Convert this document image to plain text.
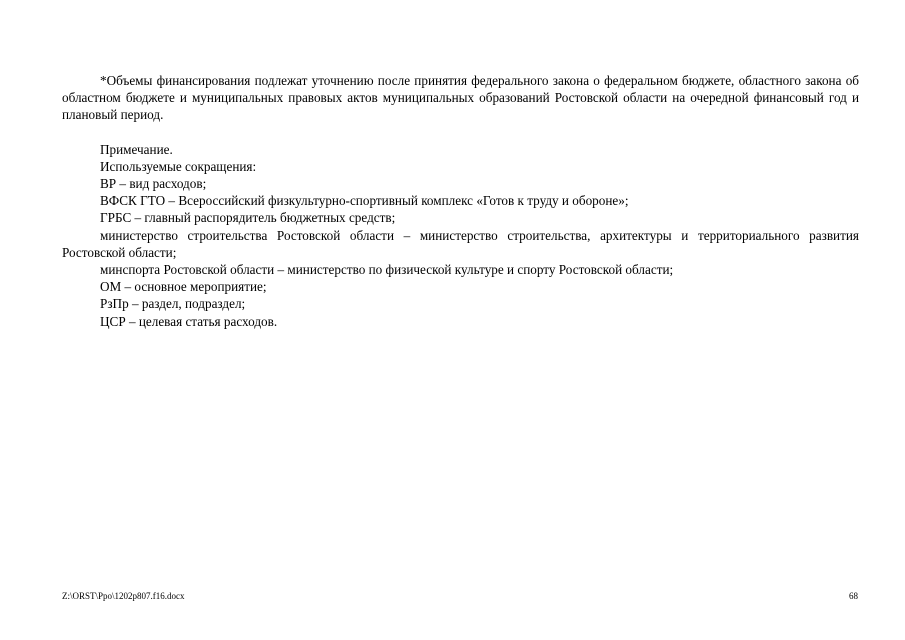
*Объемы финансирования подлежат уточнению после принятия федерального закона о федеральном бюджете, областного закона об областном бюджете и муниципальных правовых актов муниципальных образований Ростовской области на очередной финансовый год и плановый период.

Примечание.

Используемые сокращения:

ВР – вид расходов;

ВФСК ГТО – Всероссийский физкультурно-спортивный комплекс «Готов к труду и обороне»;

ГРБС – главный распорядитель бюджетных средств;

министерство строительства Ростовской области – министерство строительства, архитектуры и территориального развития Ростовской области;

минспорта Ростовской области – министерство по физической культуре и спорту Ростовской области;

ОМ – основное мероприятие;

РзПр – раздел, подраздел;

ЦСР – целевая статья расходов.

Z:\ORST\Ppo\1202p807.f16.docx	68
